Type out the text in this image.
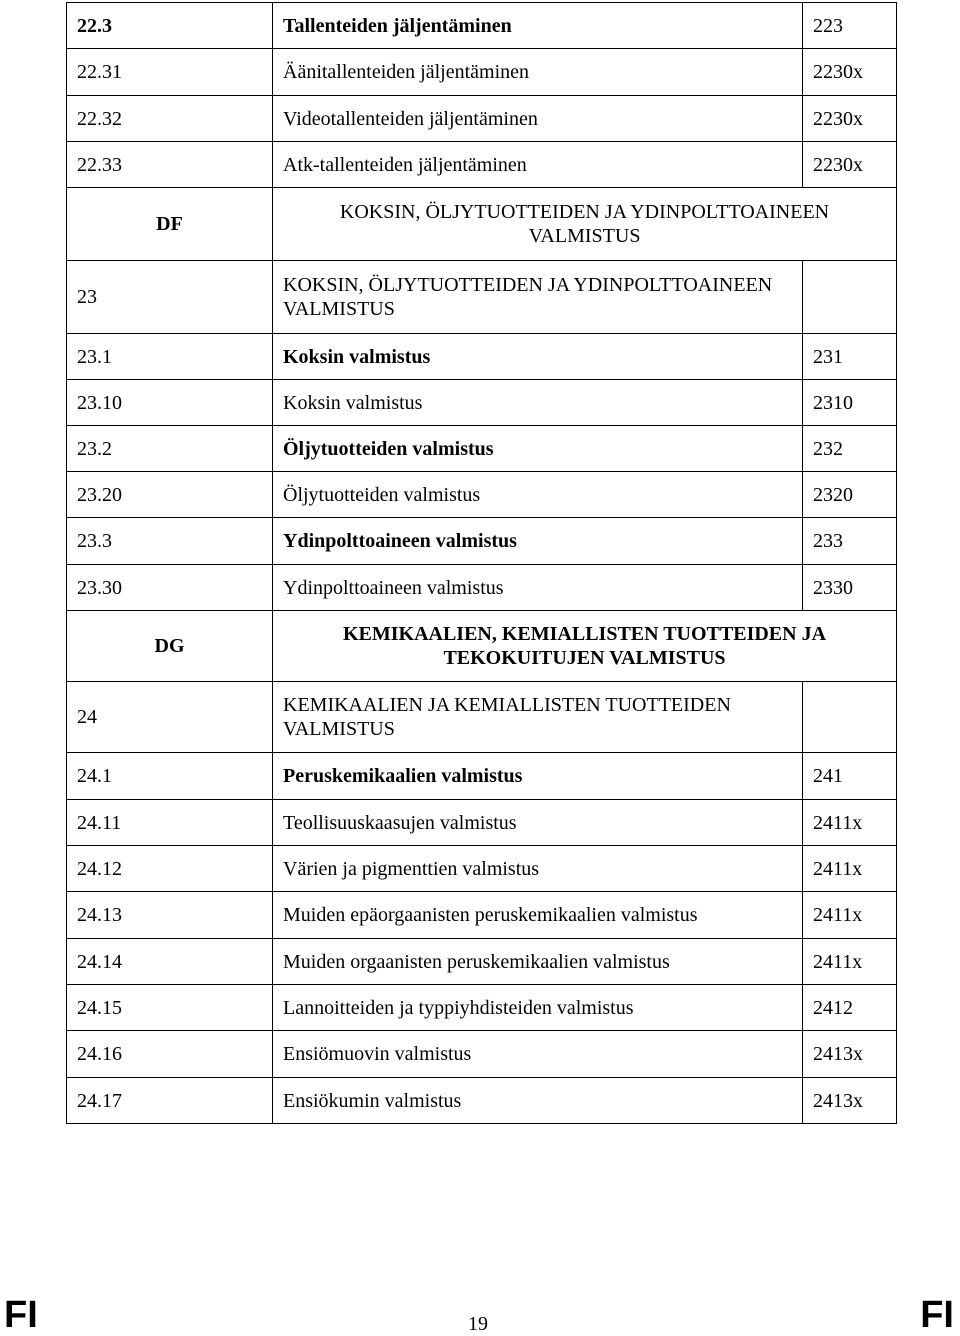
22.3	Tallenteiden jäljentäminen	223
22.31	Äänitallenteiden jäljentäminen	2230x
22.32	Videotallenteiden jäljentäminen	2230x
22.33	Atk-tallenteiden jäljentäminen	2230x
DF	KOKSIN, ÖLJYTUOTTEIDEN JA YDINPOLTTOAINEEN VALMISTUS	
23	KOKSIN, ÖLJYTUOTTEIDEN JA YDINPOLTTOAINEEN VALMISTUS	
23.1	Koksin valmistus	231
23.10	Koksin valmistus	2310
23.2	Öljytuotteiden valmistus	232
23.20	Öljytuotteiden valmistus	2320
23.3	Ydinpolttoaineen valmistus	233
23.30	Ydinpolttoaineen valmistus	2330
DG	KEMIKAALIEN, KEMIALLISTEN TUOTTEIDEN JA TEKOKUITUJEN VALMISTUS	
24	KEMIKAALIEN JA KEMIALLISTEN TUOTTEIDEN VALMISTUS	
24.1	Peruskemikaalien valmistus	241
24.11	Teollisuuskaasujen valmistus	2411x
24.12	Värien ja pigmenttien valmistus	2411x
24.13	Muiden epäorgaanisten peruskemikaalien valmistus	2411x
24.14	Muiden orgaanisten peruskemikaalien valmistus	2411x
24.15	Lannoitteiden ja typpiyhdisteiden valmistus	2412
24.16	Ensiömuovin valmistus	2413x
24.17	Ensiökumin valmistus	2413x
FI	19	FI
